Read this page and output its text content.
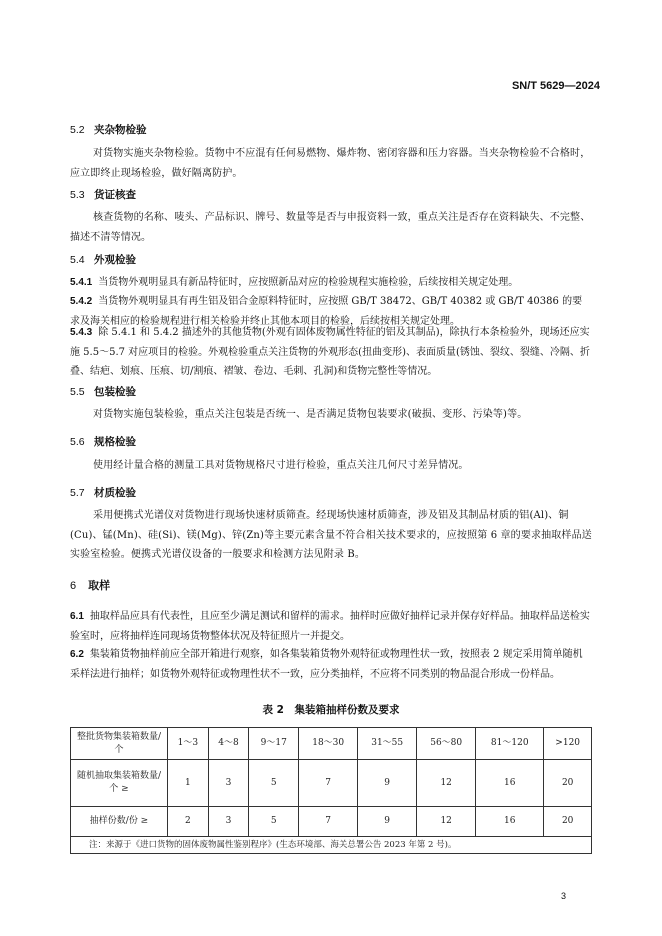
SN/T 5629—2024
5.2 夹杂物检验
对货物实施夹杂物检验。货物中不应混有任何易燃物、爆炸物、密闭容器和压力容器。当夹杂物检验不合格时，应立即终止现场检验，做好隔离防护。
5.3 货证核查
核查货物的名称、唛头、产品标识、牌号、数量等是否与申报资料一致，重点关注是否存在资料缺失、不完整、描述不清等情况。
5.4 外观检验
5.4.1 当货物外观明显具有新品特征时，应按照新品对应的检验规程实施检验，后续按相关规定处理。
5.4.2 当货物外观明显具有再生铝及铝合金原料特征时，应按照 GB/T 38472、GB/T 40382 或 GB/T 40386 的要求及海关相应的检验规程进行相关检验并终止其他本项目的检验，后续按相关规定处理。
5.4.3 除 5.4.1 和 5.4.2 描述外的其他货物(外观有固体废物属性特征的铝及其制品)，除执行本条检验外，现场还应实施 5.5～5.7 对应项目的检验。外观检验重点关注货物的外观形态(扭曲变形)、表面质量(锈蚀、裂纹、裂缝、冷隔、折叠、结疤、划痕、压痕、切/割痕、褶皱、卷边、毛刺、孔洞)和货物完整性等情况。
5.5 包装检验
对货物实施包装检验，重点关注包装是否统一、是否满足货物包装要求(破损、变形、污染等)等。
5.6 规格检验
使用经计量合格的测量工具对货物规格尺寸进行检验，重点关注几何尺寸差异情况。
5.7 材质检验
采用便携式光谱仪对货物进行现场快速材质筛查。经现场快速材质筛查，涉及铝及其制品材质的铝(Al)、铜(Cu)、锰(Mn)、硅(Si)、镁(Mg)、锌(Zn)等主要元素含量不符合相关技术要求的，应按照第 6 章的要求抽取样品送实验室检验。便携式光谱仪设备的一般要求和检测方法见附录 B。
6 取样
6.1 抽取样品应具有代表性，且应至少满足测试和留样的需求。抽样时应做好抽样记录并保存好样品。抽取样品送检实验室时，应将抽样连同现场货物整体状况及特征照片一并提交。
6.2 集装箱货物抽样前应全部开箱进行观察，如各集装箱货物外观特征或物理性状一致，按照表 2 规定采用简单随机采样法进行抽样；如货物外观特征或物理性状不一致，应分类抽样，不应将不同类别的物品混合形成一份样品。
表 2　集装箱抽样份数及要求
整批货物集装箱数量/个	1～3	4～8	9～17	18～30	31～55	56～80	81～120	>120
随机抽取集装箱数量/个 ≥	1	3	5	7	9	12	16	20
抽样份数/份 ≥	2	3	5	7	9	12	16	20
注：来源于《进口货物的固体废物属性鉴别程序》(生态环境部、海关总署公告 2023 年第 2 号)。								
3
